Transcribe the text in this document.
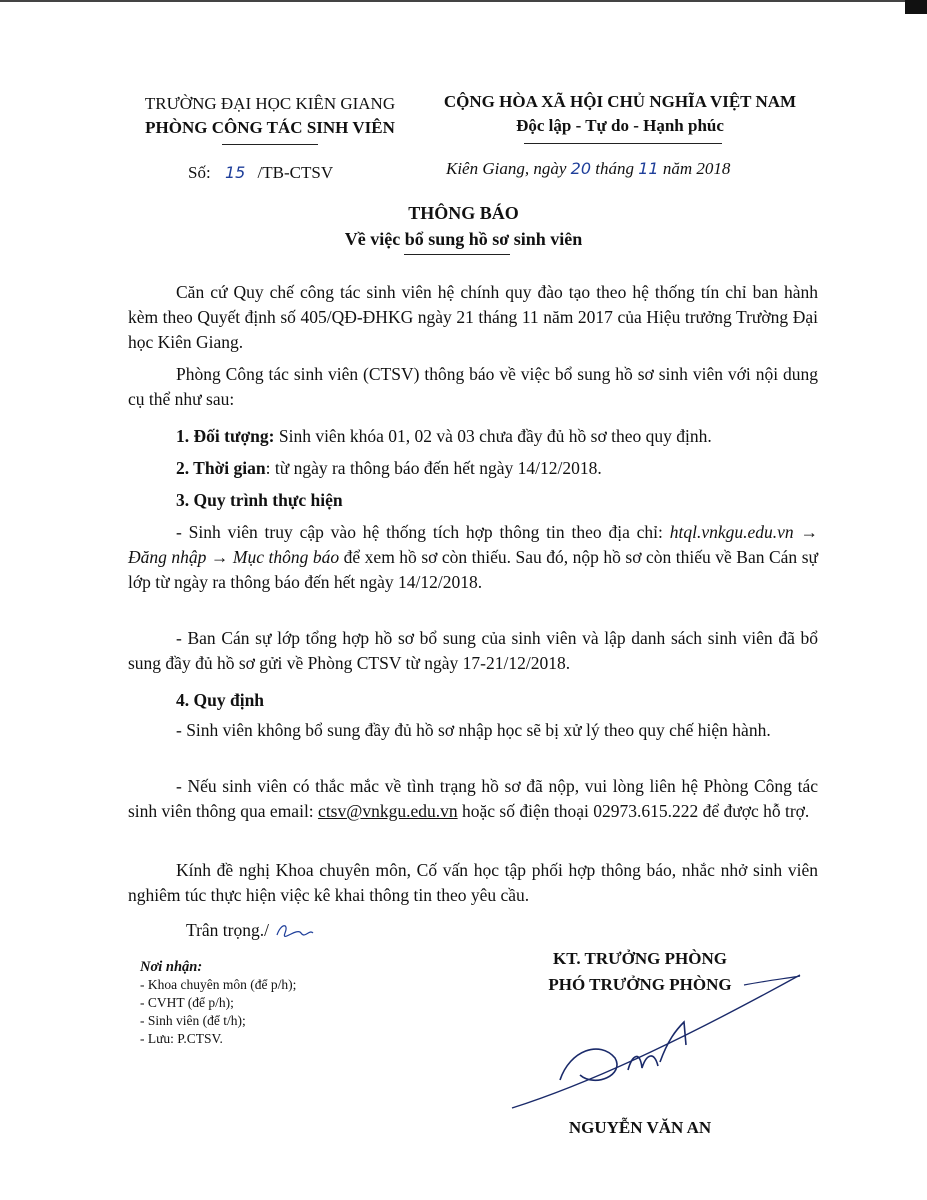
TRƯỜNG ĐẠI HỌC KIÊN GIANG
PHÒNG CÔNG TÁC SINH VIÊN
CỘNG HÒA XÃ HỘI CHỦ NGHĨA VIỆT NAM
Độc lập - Tự do - Hạnh phúc
Số: 15 /TB-CTSV	Kiên Giang, ngày 20 tháng 11 năm 2018
THÔNG BÁO
Về việc bổ sung hồ sơ sinh viên

Căn cứ Quy chế công tác sinh viên hệ chính quy đào tạo theo hệ thống tín chỉ ban hành kèm theo Quyết định số 405/QĐ-ĐHKG ngày 21 tháng 11 năm 2017 của Hiệu trưởng Trường Đại học Kiên Giang.

Phòng Công tác sinh viên (CTSV) thông báo về việc bổ sung hồ sơ sinh viên với nội dung cụ thể như sau:

1. Đối tượng: Sinh viên khóa 01, 02 và 03 chưa đầy đủ hồ sơ theo quy định.
2. Thời gian: từ ngày ra thông báo đến hết ngày 14/12/2018.
3. Quy trình thực hiện

- Sinh viên truy cập vào hệ thống tích hợp thông tin theo địa chỉ: htql.vnkgu.edu.vn → Đăng nhập → Mục thông báo để xem hồ sơ còn thiếu. Sau đó, nộp hồ sơ còn thiếu về Ban Cán sự lớp từ ngày ra thông báo đến hết ngày 14/12/2018.

- Ban Cán sự lớp tổng hợp hồ sơ bổ sung của sinh viên và lập danh sách sinh viên đã bổ sung đầy đủ hồ sơ gửi về Phòng CTSV từ ngày 17-21/12/2018.

4. Quy định

- Sinh viên không bổ sung đầy đủ hồ sơ nhập học sẽ bị xử lý theo quy chế hiện hành.

- Nếu sinh viên có thắc mắc về tình trạng hồ sơ đã nộp, vui lòng liên hệ Phòng Công tác sinh viên thông qua email: ctsv@vnkgu.edu.vn hoặc số điện thoại 02973.615.222 để được hỗ trợ.

Kính đề nghị Khoa chuyên môn, Cố vấn học tập phối hợp thông báo, nhắc nhở sinh viên nghiêm túc thực hiện việc kê khai thông tin theo yêu cầu.

Trân trọng./
Nơi nhận:
- Khoa chuyên môn (để p/h);
- CVHT (để p/h);
- Sinh viên (để t/h);
- Lưu: P.CTSV.
KT. TRƯỞNG PHÒNG
PHÓ TRƯỞNG PHÒNG
NGUYỄN VĂN AN
